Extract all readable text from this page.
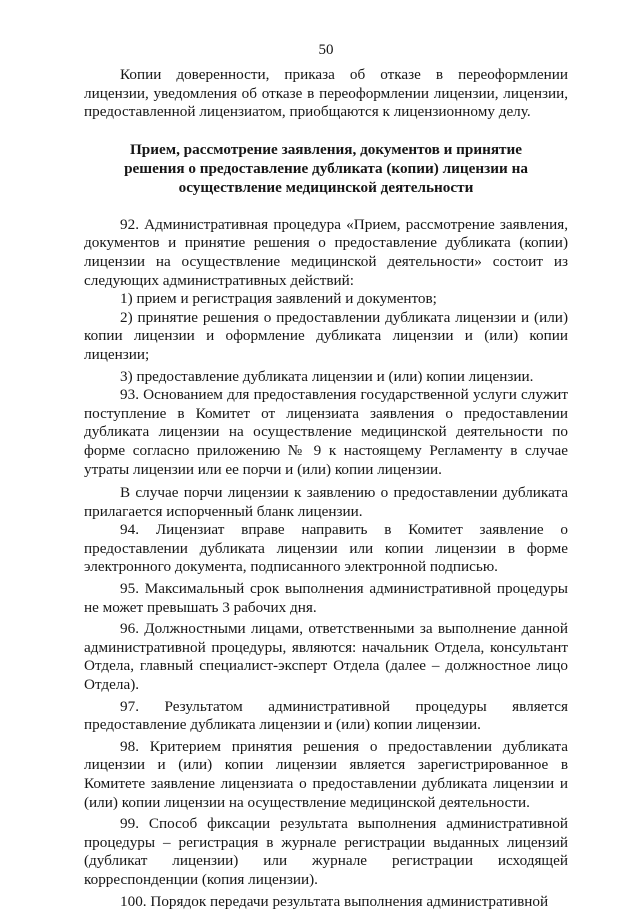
50

Копии доверенности, приказа об отказе в переоформлении лицензии, уведомления об отказе в переоформлении лицензии, лицензии, предоставленной лицензиатом, приобщаются к лицензионному делу.

Прием, рассмотрение заявления, документов и принятие
решения о предоставление дубликата (копии) лицензии на
осуществление медицинской деятельности

92. Административная процедура «Прием, рассмотрение заявления, документов и принятие решения о предоставление дубликата (копии) лицензии на осуществление медицинской деятельности» состоит из следующих административных действий:

1) прием и регистрация заявлений и документов;

2) принятие решения о предоставлении дубликата лицензии и (или) копии лицензии и оформление дубликата лицензии и (или) копии лицензии;

3) предоставление дубликата лицензии и (или) копии лицензии.

93. Основанием для предоставления государственной услуги служит поступление в Комитет от лицензиата заявления о предоставлении дубликата лицензии на осуществление медицинской деятельности по форме согласно приложению № 9 к настоящему Регламенту в случае утраты лицензии или ее порчи и (или) копии лицензии.

В случае порчи лицензии к заявлению о предоставлении дубликата прилагается испорченный бланк лицензии.

94. Лицензиат вправе направить в Комитет заявление о предоставлении дубликата лицензии или копии лицензии в форме электронного документа, подписанного электронной подписью.

95. Максимальный срок выполнения административной процедуры не может превышать 3 рабочих дня.

96. Должностными лицами, ответственными за выполнение данной административной процедуры, являются: начальник Отдела, консультант Отдела, главный специалист-эксперт Отдела (далее – должностное лицо Отдела).

97. Результатом административной процедуры является предоставление дубликата лицензии и (или) копии лицензии.

98. Критерием принятия решения о предоставлении дубликата лицензии и (или) копии лицензии является зарегистрированное в Комитете заявление лицензиата о предоставлении дубликата лицензии и (или) копии лицензии на осуществление медицинской деятельности.

99. Способ фиксации результата выполнения административной процедуры – регистрация в журнале регистрации выданных лицензий (дубликат лицензии) или журнале регистрации исходящей корреспонденции (копия лицензии).

100. Порядок передачи результата выполнения административной
